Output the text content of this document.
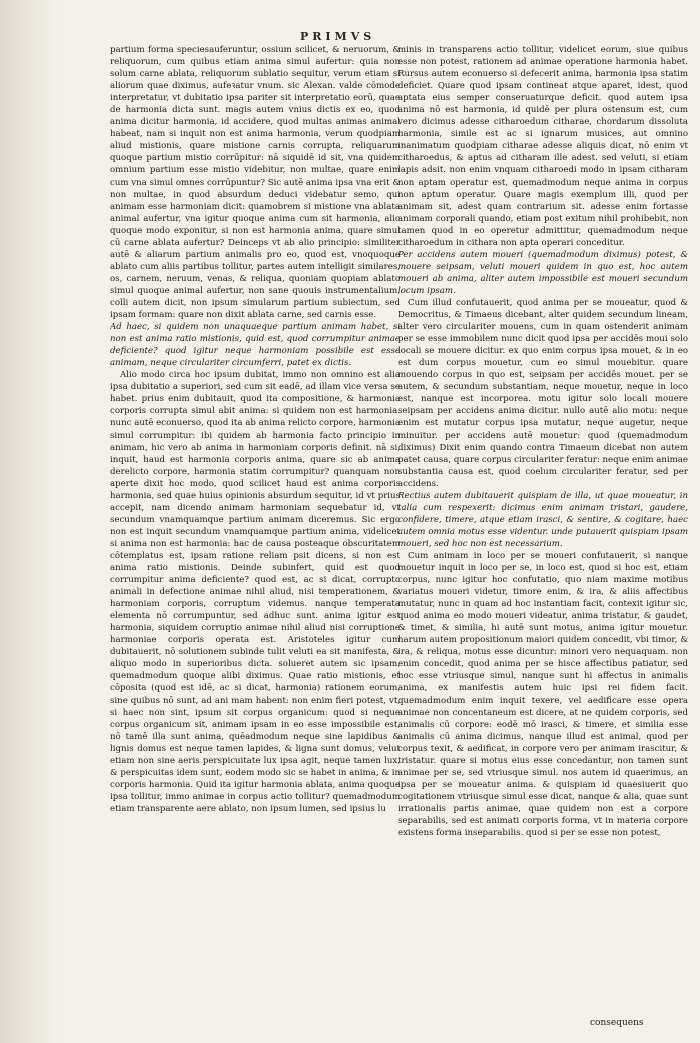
PRIMVS

partium forma speciesauferuntur, ossium scilicet, & neruorum, & reliquorum, cum quibus etiam anima simul aufertur: quia non solum carne ablata, reliquorum sublatio sequitur, verum etiam si aliorum quae diximus, aufeꝛatur vnum. sic Alexan. valde cōmode interpretatur, vt dubitatio ipsa pariter sit interpretatio eorū, quae de harmonia dicta sunt. magis autem vnius dictis ex eo, quod anima dicitur harmonia, id accidere, quod multas animas animal habeat, nam si inquit non est anima harmonia, verum quodpiam aliud mistionis, quare mistione carnis corrupta, reliquarum quoque partium mistio corrūpitur: nā siquidē id sit, vna quidem omnium partium esse mistio videbitur, non multae, quare enim cum vna simul omnes corrūpuntur? Sic autē anima ipsa vna erit & non multae, in quod absurdum deduci videbatur semo, qui animam esse harmoniam dicit: quamobrem si mistione vna ablata animal aufertur, vna igitur quoque anima cum sit harmonia, alio quoque modo exponitur, si non est harmonia anima, quare simul cū carne ablata aufertur? Deinceps vt ab alio principio: similiter autē & aliarum partium animalis pro eo, quod est, vnoquoque ablato cum aliis partibus tollitur, partes autem intelligit similares, os, carnem, neruum, venas, & reliqua, quoniam quopiam ablato simul quoque animal aufertur, non sane quouis instrumentalium, colli autem dicit, non ipsum simularum partium subiectum, sed ipsam formam: quare non dixit ablata carne, sed carnis esse.

Ad haec, si quidem non unaquaeque partium animam habet, si non est anima ratio mistionis, quid est, quod corrumpitur animae deficiente? quod igitur neque harmoniam possibile est esse animam, neque circulariter circumferri, patet ex dictis.

Alio modo circa hoc ipsum dubitat, immo non omnino est alia ipsa dubitatio a superiori, sed cum sit eadē, ad illam vice versa se habet. prius enim dubitauit, quod ita compositione, & harmonia corporis corrupta simul abit anima: si quidem non est harmonia. nunc autē econuerso, quod ita ab anima relicto corpore, harmonia simul corrumpitur: ibi quidem ab harmonia facto principio in animam, hic vero ab anima in harmoniam corporis definit. nā si, inquit, haud est harmonia corporis anima, quare sic ab anima derelicto corpore, harmonia statim corrumpitur? quanquam non aperte dixit hoc modo, quod scilicet haud est anima corporis harmonia, sed quae huius opinionis absurdum sequitur, id vt prius accepit, nam dicendo animam harmoniam sequebatur id, vt secundum vnamquamque partium animam diceremus. Sic ergo non est inquit secundum vnamquamque partium anima, videlicet si anima non est harmonia: hac de causa posteaque obscuritatem cōtemplatus est, ipsam ratione reliam psit dicens, si non est anima ratio mistionis. Deinde subinfert, quid est quod corrumpitur anima deficiente? quod est, ac si dicat, corrupto animali in defectione animae nihil aliud, nisi temperationem, & harmoniam corporis, corruptum videmus. nanque temperata elementa nō corrumpuntur, sed adhuc sunt. anima igitur est harmonia, siquidem corruptio animae nihil aliud nisi corruptione harmoniae corporis operata est. Aristoteles igitur cum dubitauerit, nō solutionem subinde tulit veluti ea sit manifesta, & aliquo modo in superioribus dicta. solueret autem sic ipsam, quemadmodum quoque alibi diximus. Quae ratio mistionis, et cōposita (quod est idē, ac si dicat, harmonia) rationem eorum, sine quibus nō sunt, ad ani mam habent: non enim fieri potest, vt, si haec non sint, ipsum sit corpus organicum: quod si neque corpus organicum sit, animam ipsam in eo esse impossibile est, nō tamē illa sunt anima, quēadmodum neque sine lapidibus & lignis domus est neque tamen lapides, & ligna sunt domus, velut etiam non sine aeris perspicuitate lux ipsa agit, neque tamen lux, & perspicuitas idem sunt, eodem modo sic se habet in anima, & in corporis harmonia. Quid ita igitur harmonia ablata, anima quoque ipsa tollitur, immo animae in corpus actio tollitur? quemadmodum etiam transparente aere ablato, non ipsum lumen, sed ipsius lu

minis in transparens actio tollitur, videlicet eorum, siue quibus esse non potest, rationem ad animae operatione harmonia habet. Rursus autem econuerso si defecerit anima, harmonia ipsa statim deficiet. Quare quod ipsam contineat atque aparet, idest, quod aptata eius semper conseruaturque deficit. quod autem ipsa anima nō est harmonia, id quidē per plura ostensum est, cum vero dicimus adesse citharoedum citharae, chordarum dissoluta harmonia, simile est ac si ignarum musices, aut omnino inanimatum quodpiam citharae adesse aliquis dicat, nō enim vt citharoedus, & aptus ad citharam ille adest. sed veluti, si etiam lapis adsit. non enim vnquam citharoedi modo in ipsam citharam non aptam operatur est, quemadmodum neque anima in corpus non aptum operatur. Quare magis exemplum illi, quod per animam sit, adest quam contrarium sit. adesse enim fortasse animam corporali quando, etiam post exitum nihil prohibebit, non tamen quod in eo operetur admittitur, quemadmodum neque citharoedum in cithara non apta operari conceditur.

Per accidens autem moueri (quemadmodum diximus) potest, & mouere seipsam, veluti moueri quidem in quo est, hoc autem moueri ab anima, aliter autem impossibile est moueri secundum locum ipsam.

Cum illud confutauerit, quod anima per se moueatur, quod & Democritus, & Timaeus dicebant, alter quidem secundum lineam, alter vero circulariter mouens, cum in quam ostenderit animam per se esse immobilem nunc dicit quod ipsa per accidēs moui solo locali se mouere dicitur. ex quo enim corpus ipsa mouet, & in eo est dum corpus mouetur, cum eo simul mouebitur. quare mouendo corpus in quo est, seipsam per accidēs mouet. per se autem, & secundum substantiam, neque mouetur, neque in loco est, nanque est incorporea. motu igitur solo locali mouere seipsam per accidens anima dicitur. nullo autē alio motu: neque enim est mutatur corpus ipsa mutatur, neque augetur, neque minuitur. per accidens autē mouetur: quod (quemadmodum diximus) Dixit enim quando contra Timaeum dicebat non autem patet causa, quare corpus circulariter feratur: neque enim animae substantia causa est, quod coelum circulariter feratur, sed per accidens.

Rectius autem dubitauerit quispiam de illa, ut quae moueatur, in talia cum respexerit: dicimus enim animam tristari, gaudere, confidere, timere, atque etiam irasci, & sentire, & cogitare, haec autem omnia motus esse videntur. unde putauerit quispiam ipsam moueri, sed hoc non est necessarium.

Cum animam in loco per se moueri confutauerit, si nanque mouetur inquit in loco per se, in loco est, quod si hoc est, etiam corpus, nunc igitur hoc confutatio, quo niam maxime motibus variatus moueri videtur, timore enim, & ira, & aliis affectibus mutatur, nunc in quam ad hoc instantiam facit, contexit igitur sic, quod anima eo modo moueri videatur, anima tristatur, & gaudet, & timet, & similia, hi autē sunt motus, anima igitur mouetur. harum autem propositionum maiori quidem concedit, vbi timor, & ira, & reliqua, motus esse dicuntur: minori vero nequaquam. non enim concedit, quod anima per se hisce affectibus patiatur, sed hoc esse vtriusque simul, nanque sunt hi affectus in animalis anima, ex manifestis autem huic ipsi rei fidem facit. quemadmodum enim inquit texere, vel aedificare esse opera animae non concentaneum est dicere, at ne quidem corporis, sed animalis cū corpore: eodē mō irasci, & timere, et similia esse animalis cū anima dicimus, nanque illud est animal, quod per corpus texit, & aedificat, in corpore vero per animam irascitur, & tristatur. quare si motus eius esse concedantur, non tamen sunt animae per se, sed vtriusque simul. nos autem id quaerimus, an ipsa per se moueatur anima. & quispiam id quaesiuerit quo cogitationem vtriusque simul esse dicat, nanque & alia, quae sunt irrationalis partis animae, quae quidem non est a corpore separabilis, sed est animati corporis forma, vt in materia corpore existens forma inseparabilis. quod si per se esse non potest,

consequens
